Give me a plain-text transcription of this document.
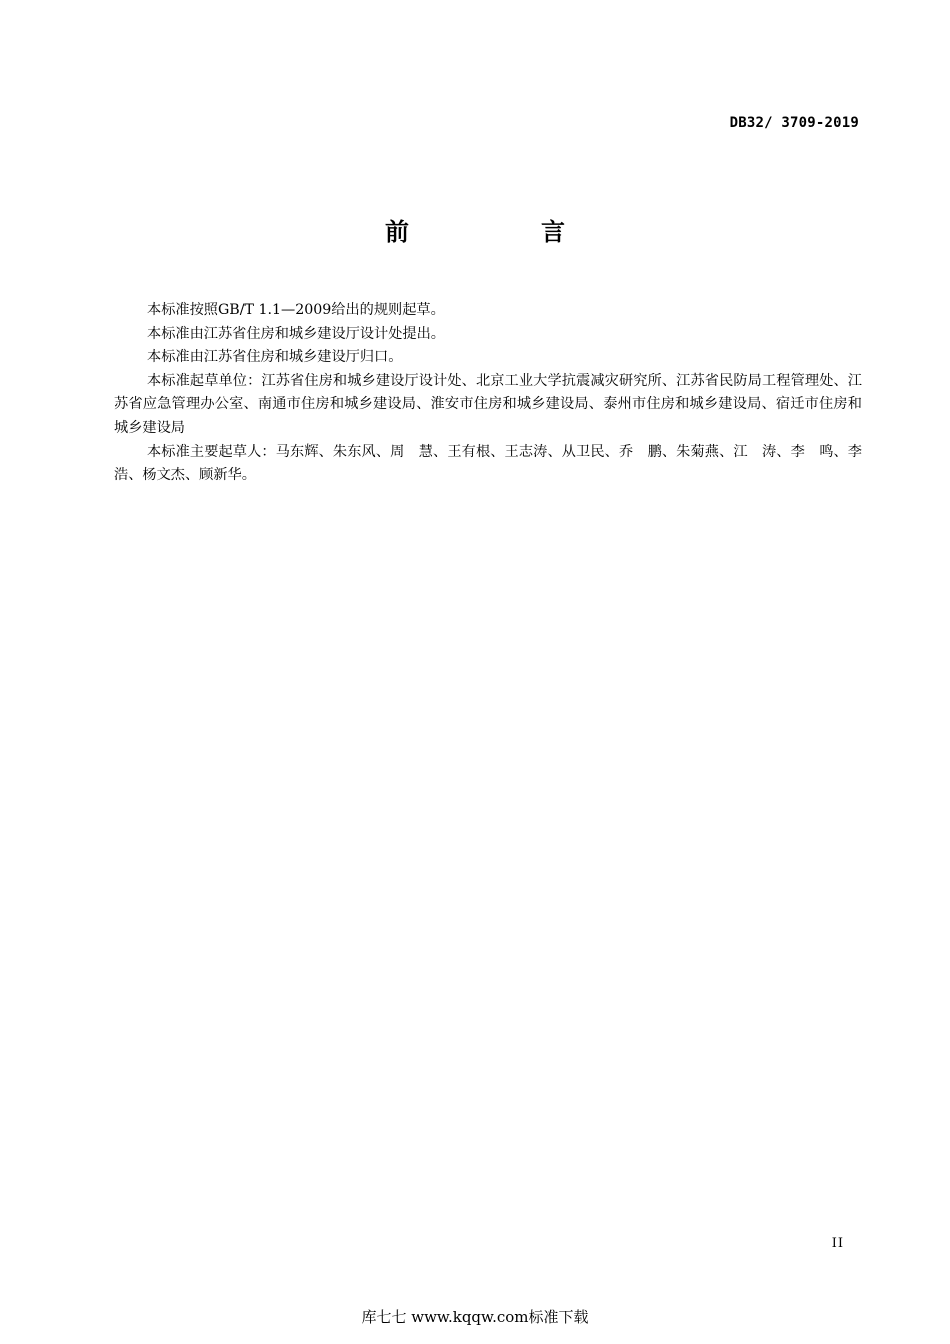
DB32/ 3709-2019
前　言

本标准按照GB/T 1.1—2009给出的规则起草。

本标准由江苏省住房和城乡建设厅设计处提出。

本标准由江苏省住房和城乡建设厅归口。

本标准起草单位：江苏省住房和城乡建设厅设计处、北京工业大学抗震减灾研究所、江苏省民防局工程管理处、江苏省应急管理办公室、南通市住房和城乡建设局、淮安市住房和城乡建设局、泰州市住房和城乡建设局、宿迁市住房和城乡建设局

本标准主要起草人：马东辉、朱东风、周　慧、王有根、王志涛、从卫民、乔　鹏、朱菊燕、江　涛、李　鸣、李　浩、杨文杰、顾新华。

II
库七七 www.kqqw.com标准下载
